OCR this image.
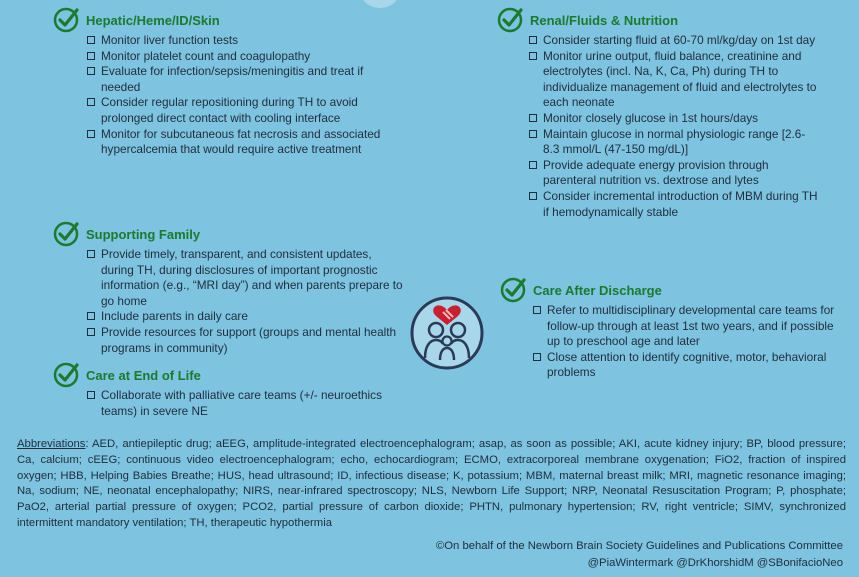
Hepatic/Heme/ID/Skin
Monitor liver function tests
Monitor platelet count and coagulopathy
Evaluate for infection/sepsis/meningitis and treat if needed
Consider regular repositioning during TH to avoid prolonged direct contact with cooling interface
Monitor for subcutaneous fat necrosis and associated hypercalcemia that would require active treatment
Renal/Fluids & Nutrition
Consider starting fluid at 60-70 ml/kg/day on 1st day
Monitor urine output, fluid balance, creatinine and electrolytes (incl. Na, K, Ca, Ph) during TH to individualize management of fluid and electrolytes to each neonate
Monitor closely glucose in 1st hours/days
Maintain glucose in normal physiologic range [2.6-8.3 mmol/L (47-150 mg/dL)]
Provide adequate energy provision through parenteral nutrition vs. dextrose and lytes
Consider incremental introduction of MBM during TH if hemodynamically stable
Supporting Family
Provide timely, transparent, and consistent updates, during TH, during disclosures of important prognostic information (e.g., “MRI day”) and when parents prepare to go home
Include parents in daily care
Provide resources for support (groups and mental health programs in community)
Care at End of Life
Collaborate with palliative care teams (+/- neuroethics teams) in severe NE
Care After Discharge
Refer to multidisciplinary developmental care teams for follow-up through at least 1st two years, and if possible up to preschool age and later
Close attention to identify cognitive, motor, behavioral problems
Abbreviations: AED, antiepileptic drug; aEEG, amplitude-integrated electroencephalogram; asap, as soon as possible; AKI, acute kidney injury; BP, blood pressure; Ca, calcium; cEEG; continuous video electroencephalogram; echo, echocardiogram; ECMO, extracorporeal membrane oxygenation; FiO2, fraction of inspired oxygen; HBB, Helping Babies Breathe; HUS, head ultrasound; ID, infectious disease; K, potassium; MBM, maternal breast milk; MRI, magnetic resonance imaging; Na, sodium; NE, neonatal encephalopathy; NIRS, near-infrared spectroscopy; NLS, Newborn Life Support; NRP, Neonatal Resuscitation Program; P, phosphate; PaO2, arterial partial pressure of oxygen; PCO2, partial pressure of carbon dioxide; PHTN, pulmonary hypertension; RV, right ventricle; SIMV, synchronized intermittent mandatory ventilation; TH, therapeutic hypothermia
©On behalf of the Newborn Brain Society Guidelines and Publications Committee
@PiaWintermark @DrKhorshidM @SBonifacioNeo
